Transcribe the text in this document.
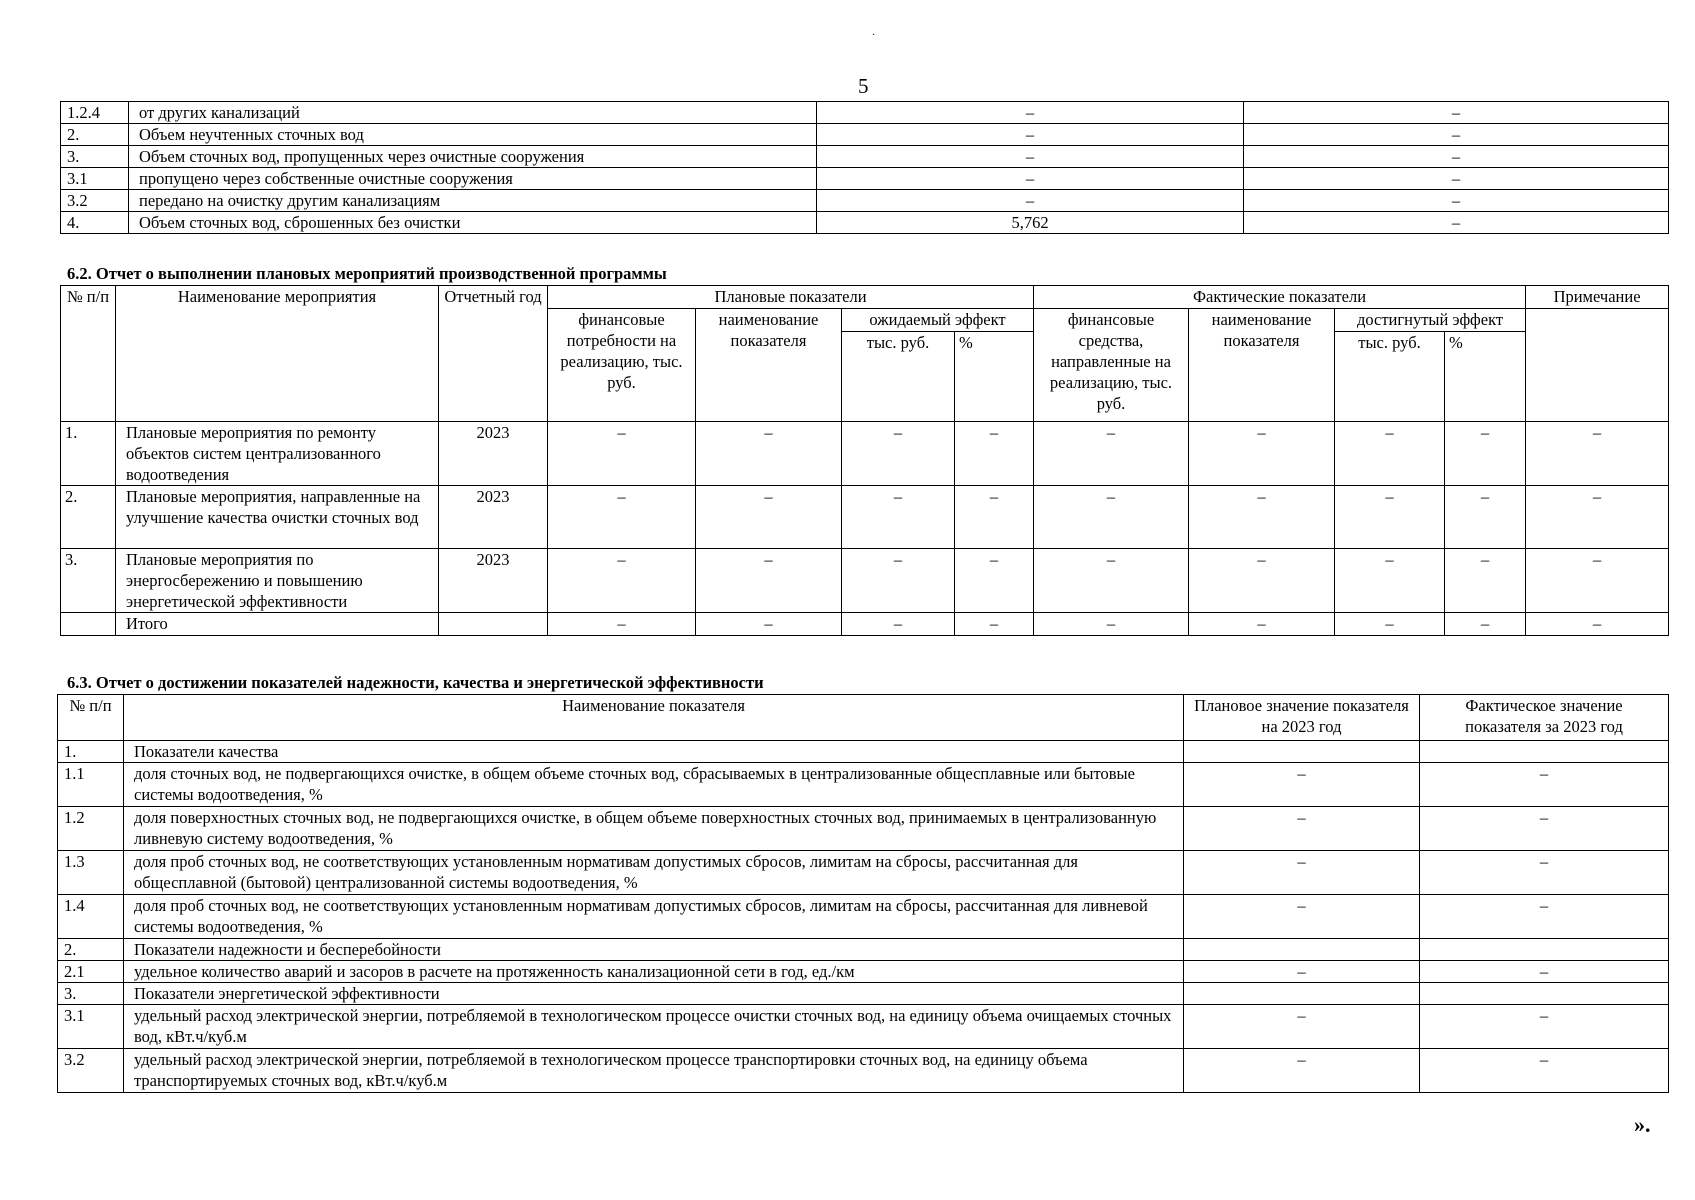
·
5
1.2.4	от других канализаций	–	–
2.	Объем неучтенных сточных вод	–	–
3.	Объем сточных вод, пропущенных через очистные сооружения	–	–
3.1	пропущено через собственные очистные сооружения	–	–
3.2	передано на очистку другим канализациям	–	–
4.	Объем сточных вод, сброшенных без очистки	5,762	–
6.2. Отчет о выполнении плановых мероприятий производственной программы
№ п/п	Наименование мероприятия	Отчетный год	Плановые показатели				Фактические показатели				Примечание
			финансовые потребности на реализацию, тыс. руб.	наименование показателя	ожидаемый эффект		финансовые средства, направленные на реализацию, тыс. руб.	наименование показателя	достигнутый эффект		
					тыс. руб.	%			тыс. руб.	%	
1.	Плановые мероприятия по ремонту объектов систем централизованного водоотведения	2023	–	–	–	–	–	–	–	–	–
2.	Плановые мероприятия, направленные на улучшение качества очистки сточных вод	2023	–	–	–	–	–	–	–	–	–
3.	Плановые мероприятия по энергосбережению и повышению энергетической эффективности	2023	–	–	–	–	–	–	–	–	–
	Итого		–	–	–	–	–	–	–	–	–
6.3. Отчет о достижении показателей надежности, качества и энергетической эффективности
№ п/п	Наименование показателя	Плановое значение показателя на 2023 год	Фактическое значение показателя за 2023 год
1.	Показатели качества		
1.1	доля сточных вод, не подвергающихся очистке, в общем объеме сточных вод, сбрасываемых в централизованные общесплавные или бытовые системы водоотведения, %	–	–
1.2	доля поверхностных сточных вод, не подвергающихся очистке, в общем объеме поверхностных сточных вод, принимаемых в централизованную ливневую систему водоотведения, %	–	–
1.3	доля проб сточных вод, не соответствующих установленным нормативам допустимых сбросов, лимитам на сбросы, рассчитанная для общесплавной (бытовой) централизованной системы водоотведения, %	–	–
1.4	доля проб сточных вод, не соответствующих установленным нормативам допустимых сбросов, лимитам на сбросы, рассчитанная для ливневой системы водоотведения, %	–	–
2.	Показатели надежности и бесперебойности		
2.1	удельное количество аварий и засоров в расчете на протяженность канализационной сети в год, ед./км	–	–
3.	Показатели энергетической эффективности		
3.1	удельный расход электрической энергии, потребляемой в технологическом процессе очистки сточных вод, на единицу объема очищаемых сточных вод, кВт.ч/куб.м	–	–
3.2	удельный расход электрической энергии, потребляемой в технологическом процессе транспортировки сточных вод, на единицу объема транспортируемых сточных вод, кВт.ч/куб.м	–	–
».
